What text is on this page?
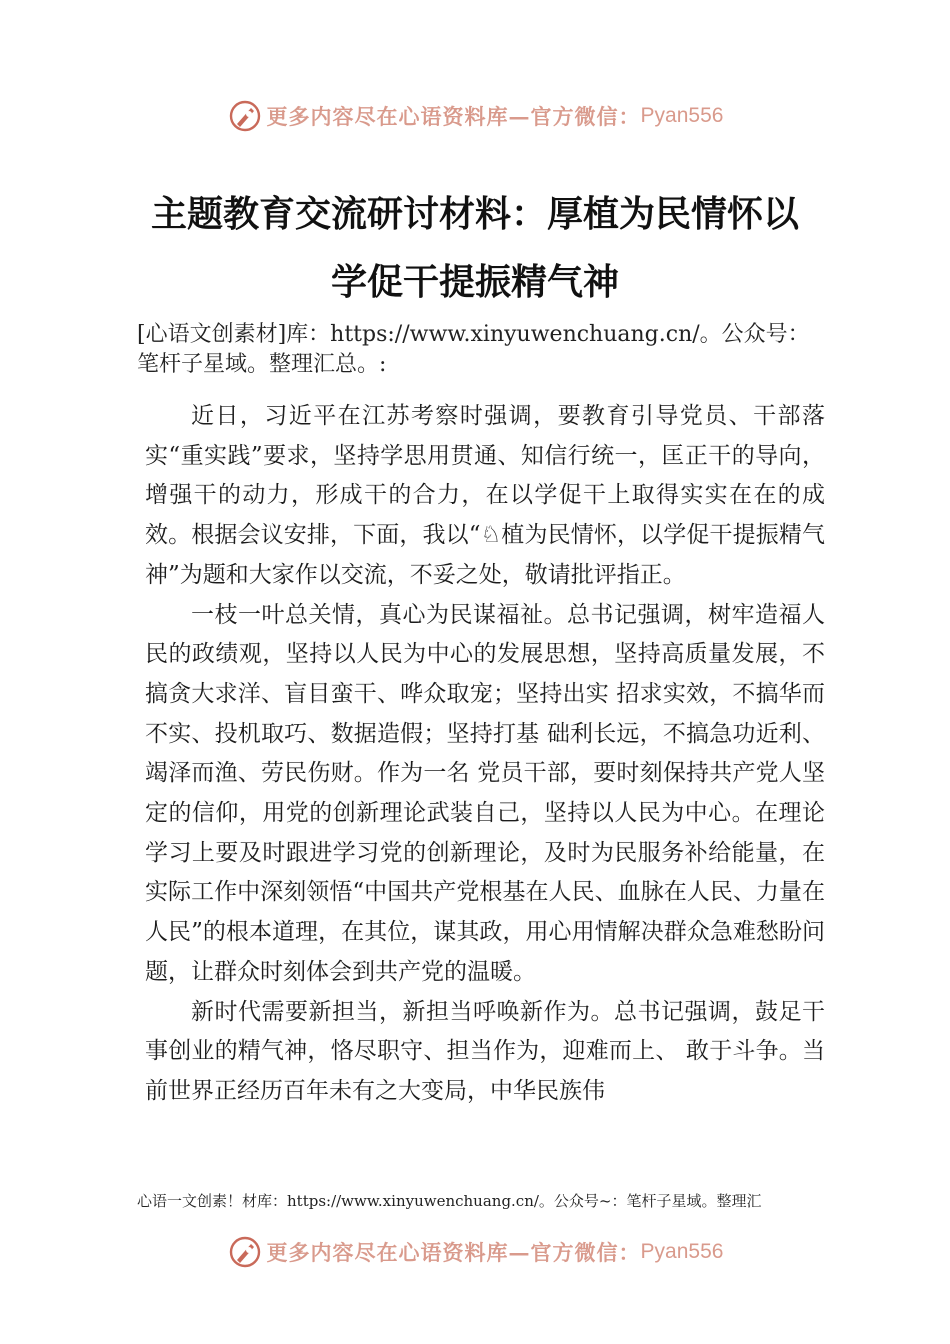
更多内容尽在心语资料库—官方微信： Pyan556
主题教育交流研讨材料：厚植为民情怀以
学促干提振精气神

[心语文创素材]库：https://www.xinyuwenchuang.cn/。公众号：笔杆子星域。整理汇总。:

近日，习近平在江苏考察时强调，要教育引导党员、干部落实“重实践”要求，坚持学思用贯通、知信行统一，匡正干的导向，增强干的动力，形成干的合力，在以学促干上取得实实在在的成效。根据会议安排，下面，我以“♘植为民情怀，以学促干提振精气神”为题和大家作以交流，不妥之处，敬请批评指正。

一枝一叶总关情，真心为民谋福祉。总书记强调，树牢造福人民的政绩观，坚持以人民为中心的发展思想，坚持高质量发展，不搞贪大求洋、盲目蛮干、哗众取宠；坚持出实 招求实效，不搞华而不实、投机取巧、数据造假；坚持打基 础利长远，不搞急功近利、竭泽而渔、劳民伤财。作为一名 党员干部，要时刻保持共产党人坚定的信仰，用党的创新理论武装自己，坚持以人民为中心。在理论学习上要及时跟进学习党的创新理论，及时为民服务补给能量，在实际工作中深刻领悟“中国共产党根基在人民、血脉在人民、力量在人民”的根本道理，在其位，谋其政，用心用情解决群众急难愁盼问题，让群众时刻体会到共产党的温暖。

新时代需要新担当，新担当呼唤新作为。总书记强调，鼓足干事创业的精气神，恪尽职守、担当作为，迎难而上、 敢于斗争。当前世界正经历百年未有之大变局，中华民族伟

心语一文创素！材库：https://www.xinyuwenchuang.cn/。公众号~：笔杆子星域。整理汇

更多内容尽在心语资料库—官方微信： Pyan556
